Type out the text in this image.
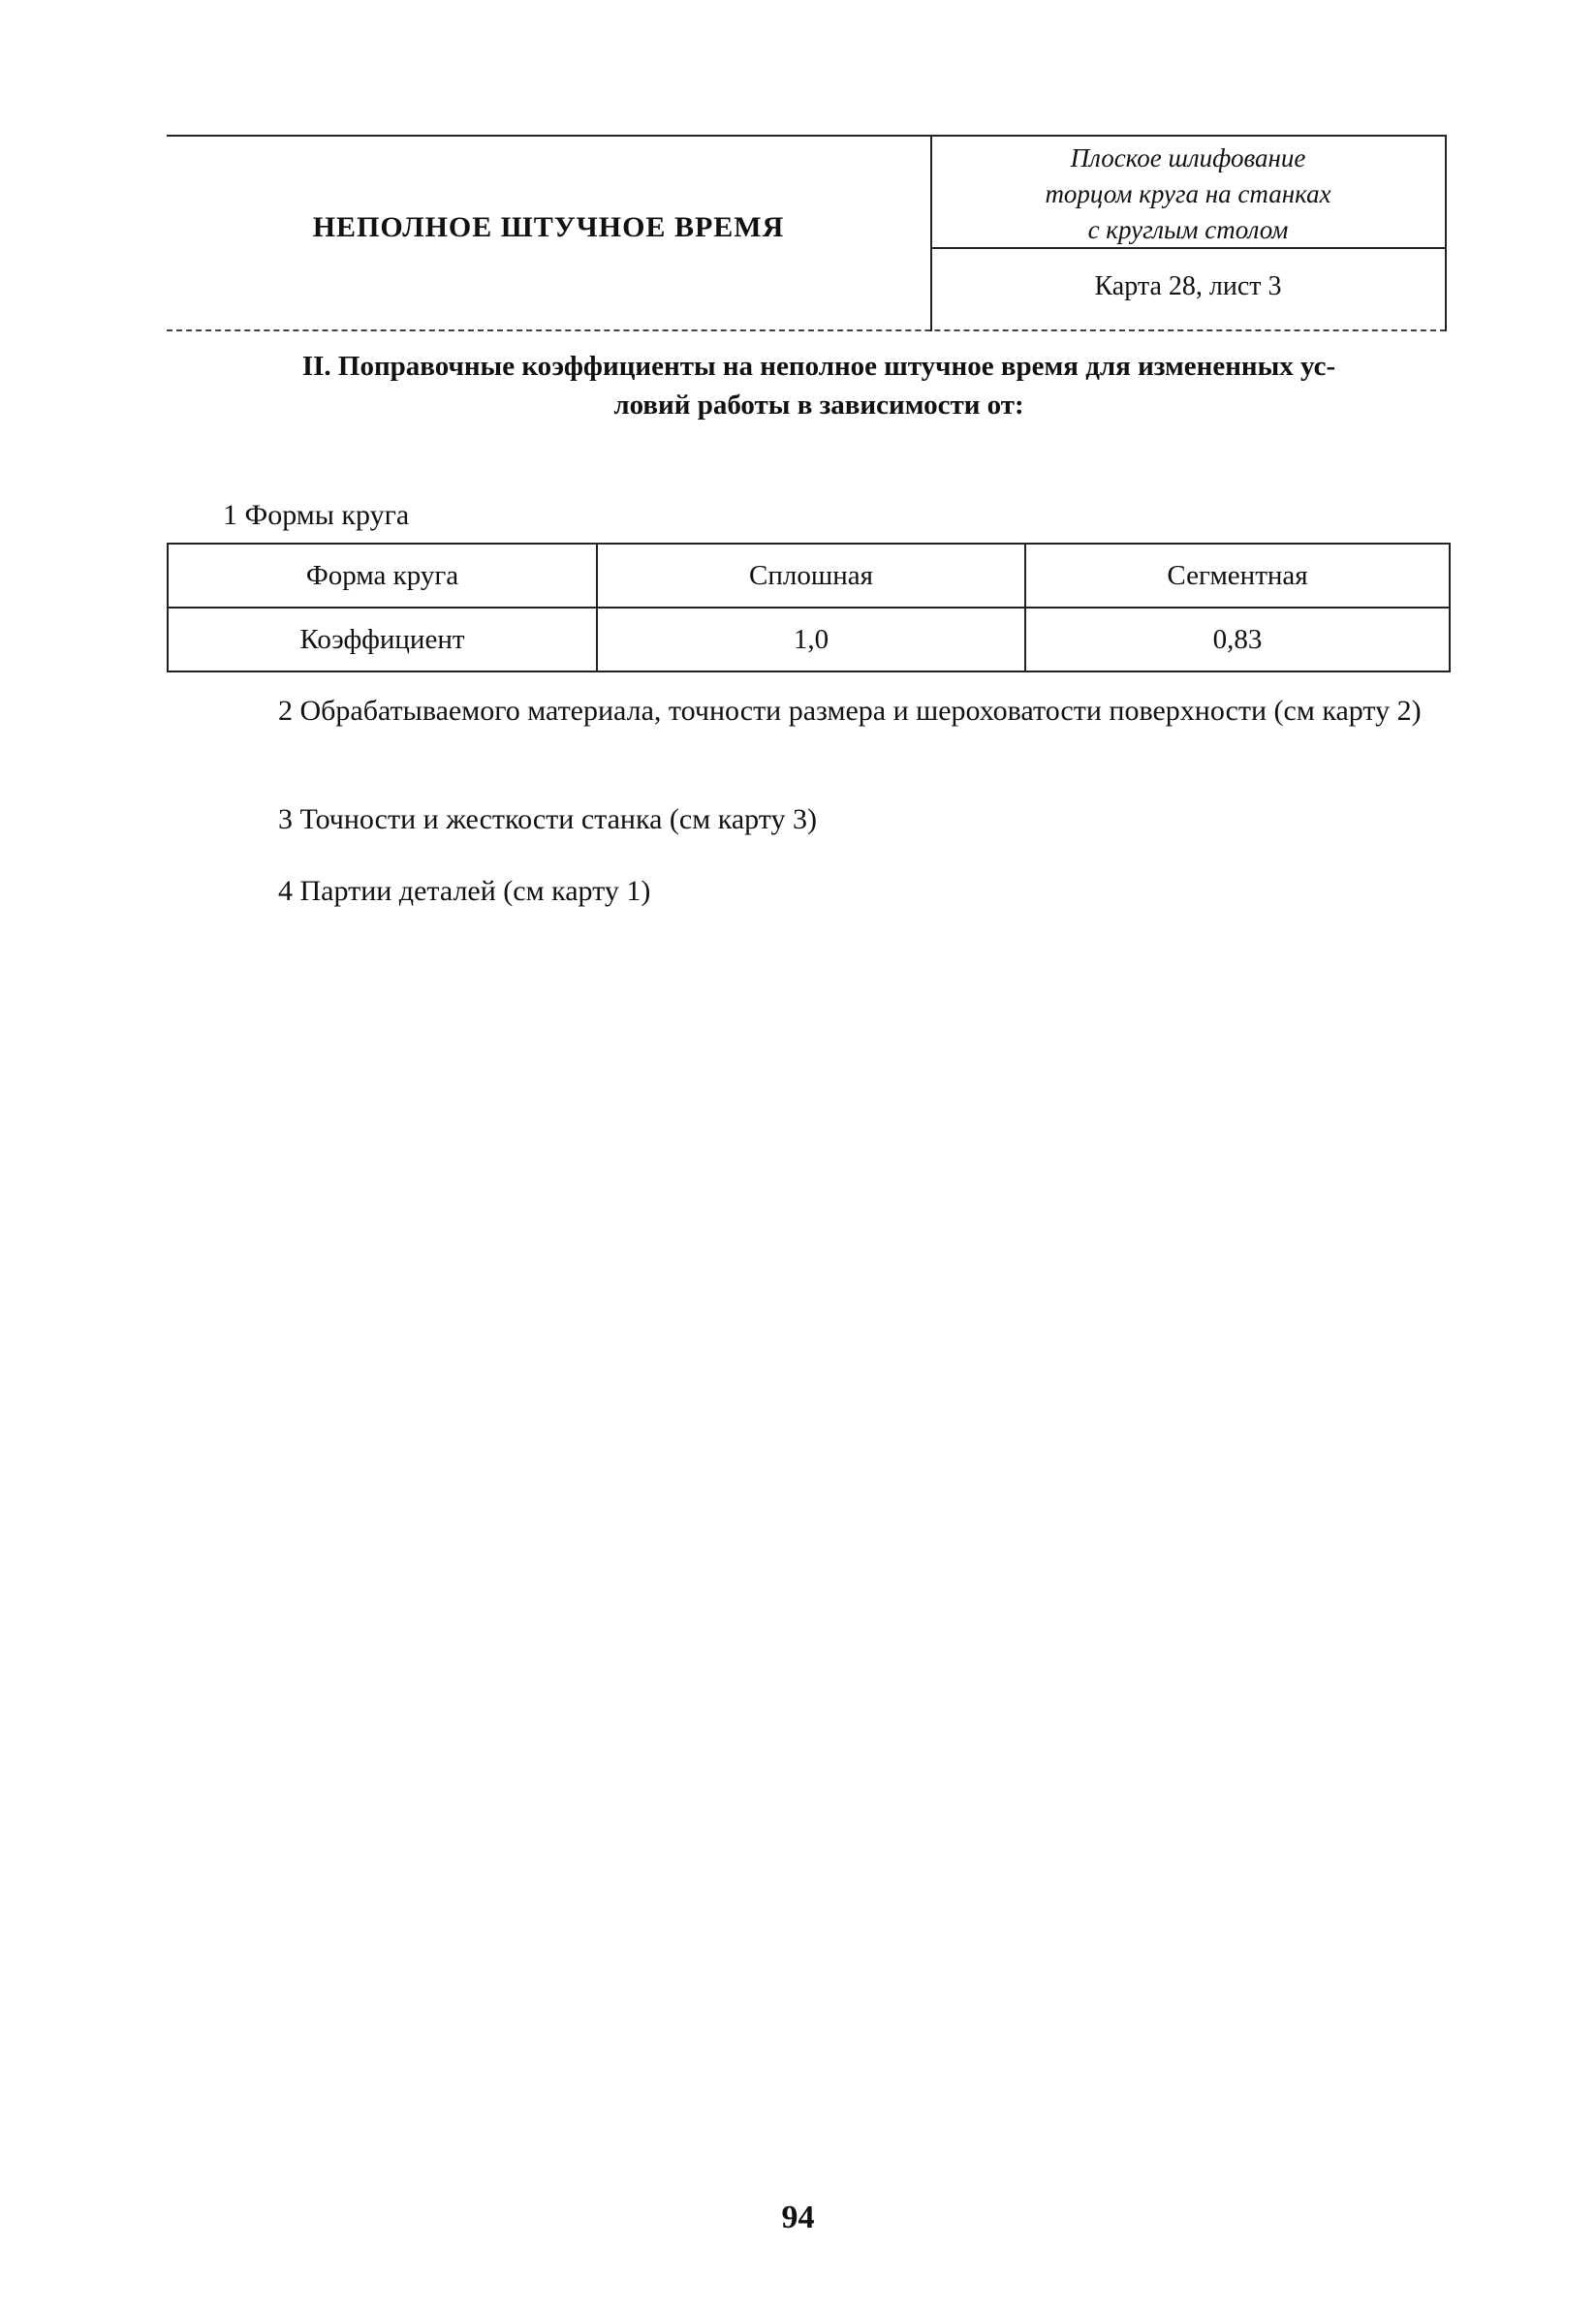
НЕПОЛНОЕ ШТУЧНОЕ ВРЕМЯ
Плоское шлифование
торцом круга на станках
с круглым столом
Карта 28, лист 3
II. Поправочные коэффициенты на неполное штучное время для измененных ус-
ловий работы в зависимости от:
1 Формы круга
Форма круга	Сплошная	Сегментная
Коэффициент	1,0	0,83
2 Обрабатываемого материала, точности размера и шероховатости поверхности (см карту 2)
3 Точности и жесткости станка (см карту 3)
4 Партии деталей (см карту 1)
94
